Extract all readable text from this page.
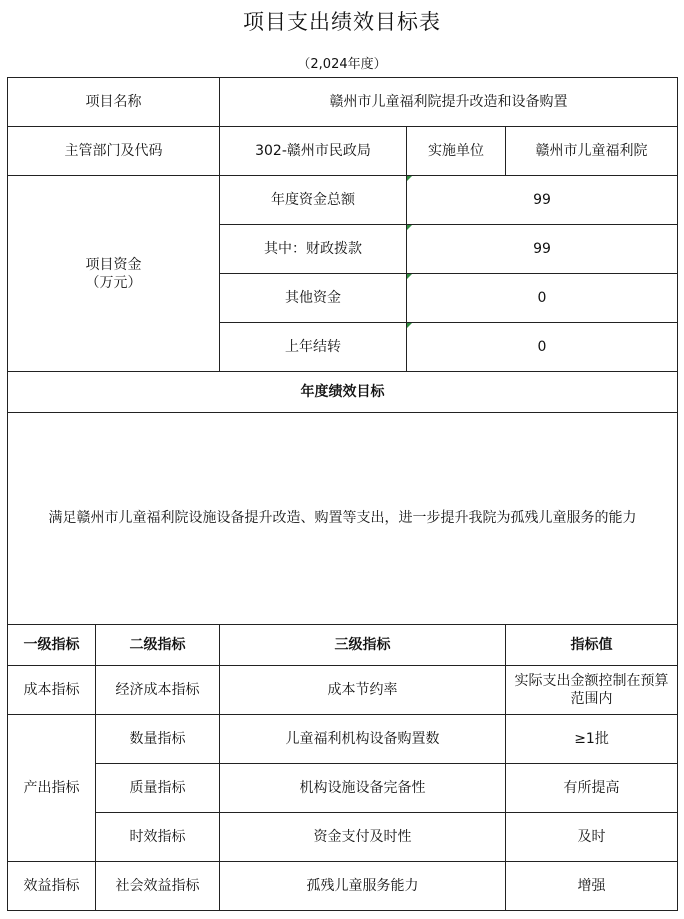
项目支出绩效目标表
（2,024年度）
项目名称		赣州市儿童福利院提升改造和设备购置		
主管部门及代码		302-赣州市民政局	实施单位	赣州市儿童福利院

项目资金
（万元）		年度资金总额	99	
		其中：财政拨款	99	
		其他资金	0	
		上年结转	0	
年度绩效目标				
满足赣州市儿童福利院设施设备提升改造、购置等支出，进一步提升我院为孤残儿童服务的能力				
一级指标	二级指标	三级指标		指标值
成本指标	经济成本指标	成本节约率		实际支出金额控制在预算范围内
产出指标	数量指标	儿童福利机构设备购置数		≥1批
	质量指标	机构设施设备完备性		有所提高
	时效指标	资金支付及时性		及时
效益指标	社会效益指标	孤残儿童服务能力		增强
